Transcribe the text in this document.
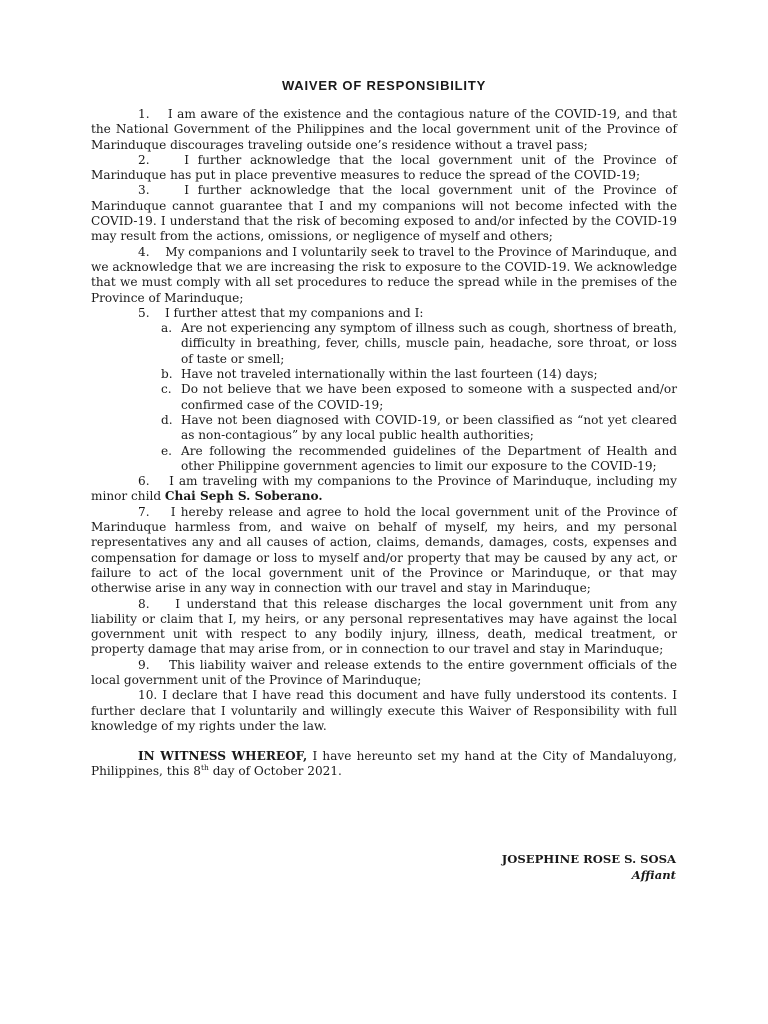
WAIVER OF RESPONSIBILITY

1. I am aware of the existence and the contagious nature of the COVID-19, and that the National Government of the Philippines and the local government unit of the Province of Marinduque discourages traveling outside one’s residence without a travel pass;

2.	I further acknowledge that the local government unit of the Province of Marinduque has put in place preventive measures to reduce the spread of the COVID-19;

3.	I further acknowledge that the local government unit of the Province of Marinduque cannot guarantee that I and my companions will not become infected with the COVID-19. I understand that the risk of becoming exposed to and/or infected by the COVID-19 may result from the actions, omissions, or negligence of myself and others;

4. My companions and I voluntarily seek to travel to the Province of Marinduque, and we acknowledge that we are increasing the risk to exposure to the COVID-19. We acknowledge that we must comply with all set procedures to reduce the spread while in the premises of the Province of Marinduque;

5. I further attest that my companions and I:

a. Are not experiencing any symptom of illness such as cough, shortness of breath, difficulty in breathing, fever, chills, muscle pain, headache, sore throat, or loss of taste or smell;
b. Have not traveled internationally within the last fourteen (14) days;
c. Do not believe that we have been exposed to someone with a suspected and/or confirmed case of the COVID-19;
d. Have not been diagnosed with COVID-19, or been classified as “not yet cleared as non-contagious” by any local public health authorities;
e. Are following the recommended guidelines of the Department of Health and other Philippine government agencies to limit our exposure to the COVID-19;

6. I am traveling with my companions to the Province of Marinduque, including my minor child Chai Seph S. Soberano.

7. I hereby release and agree to hold the local government unit of the Province of Marinduque harmless from, and waive on behalf of myself, my heirs, and my personal representatives any and all causes of action, claims, demands, damages, costs, expenses and compensation for damage or loss to myself and/or property that may be caused by any act, or failure to act of the local government unit of the Province or Marinduque, or that may otherwise arise in any way in connection with our travel and stay in Marinduque;

8. I understand that this release discharges the local government unit from any liability or claim that I, my heirs, or any personal representatives may have against the local government unit with respect to any bodily injury, illness, death, medical treatment, or property damage that may arise from, or in connection to our travel and stay in Marinduque;

9. This liability waiver and release extends to the entire government officials of the local government unit of the Province of Marinduque;

10. I declare that I have read this document and have fully understood its contents. I further declare that I voluntarily and willingly execute this Waiver of Responsibility with full knowledge of my rights under the law.

IN WITNESS WHEREOF, I have hereunto set my hand at the City of Mandaluyong, Philippines, this 8th day of October 2021.

JOSEPHINE ROSE S. SOSA
Affiant
